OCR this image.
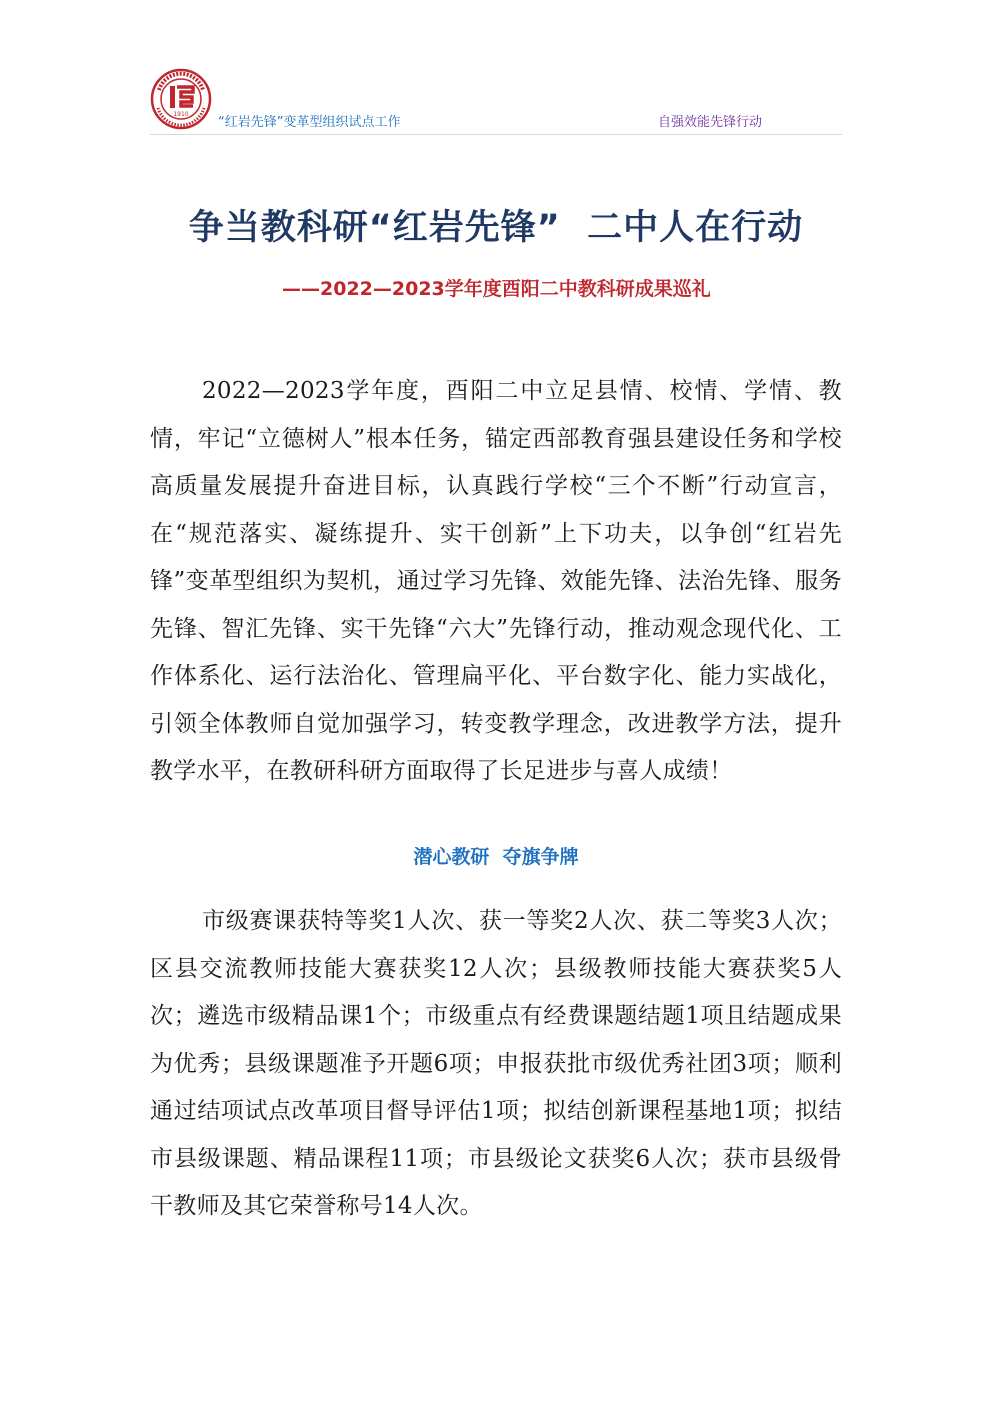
1910
“红岩先锋”变革型组织试点工作	自强效能先锋行动
争当教科研“红岩先锋”  二中人在行动
——2022—2023学年度酉阳二中教科研成果巡礼

2022—2023学年度，酉阳二中立足县情、校情、学情、教情，牢记“立德树人”根本任务，锚定西部教育强县建设任务和学校高质量发展提升奋进目标，认真践行学校“三个不断”行动宣言，在“规范落实、凝练提升、实干创新”上下功夫，以争创“红岩先锋”变革型组织为契机，通过学习先锋、效能先锋、法治先锋、服务先锋、智汇先锋、实干先锋“六大”先锋行动，推动观念现代化、工作体系化、运行法治化、管理扁平化、平台数字化、能力实战化，引领全体教师自觉加强学习，转变教学理念，改进教学方法，提升教学水平，在教研科研方面取得了长足进步与喜人成绩！

潜心教研  夺旗争牌

市级赛课获特等奖1人次、获一等奖2人次、获二等奖3人次；区县交流教师技能大赛获奖12人次；县级教师技能大赛获奖5人次；遴选市级精品课1个；市级重点有经费课题结题1项且结题成果为优秀；县级课题准予开题6项；申报获批市级优秀社团3项；顺利通过结项试点改革项目督导评估1项；拟结创新课程基地1项；拟结市县级课题、精品课程11项；市县级论文获奖6人次；获市县级骨干教师及其它荣誉称号14人次。
